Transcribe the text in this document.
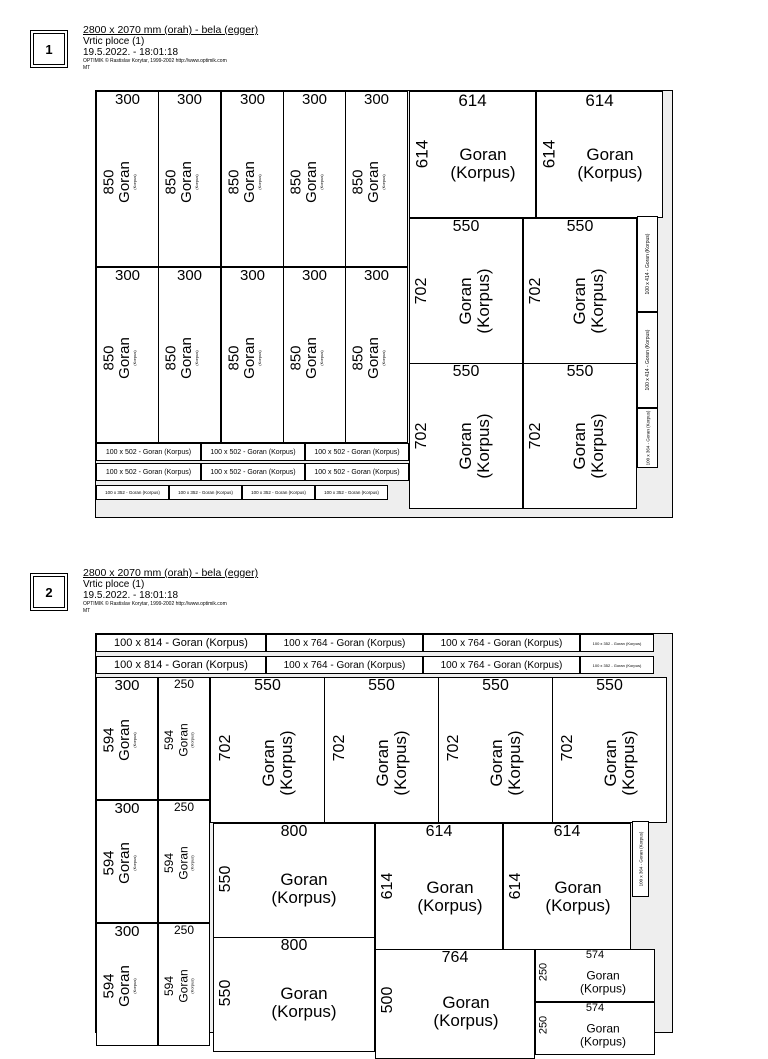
1
2800 x 2070 mm (orah) - bela (egger)
Vrtic ploce (1)
19.5.2022. - 18:01:18
OPTIMIK © Rastislav Korytar, 1999-2002 http://www.optimik.com
MT
300
850
Goran
(Korpus)
300
850
Goran
(Korpus)
300
850
Goran
(Korpus)
300
850
Goran
(Korpus)
300
850
Goran
(Korpus)
300
850
Goran
(Korpus)
300
850
Goran
(Korpus)
300
850
Goran
(Korpus)
300
850
Goran
(Korpus)
300
850
Goran
(Korpus)
614
614	Goran
(Korpus)
614
614	Goran
(Korpus)
550
702 Goran
(Korpus)
550
702 Goran
(Korpus)
550
702 Goran
(Korpus)
550
702 Goran
(Korpus)
100 x 502 - Goran (Korpus)	100 x 502 - Goran (Korpus)	100 x 502 - Goran (Korpus)
100 x 502 - Goran (Korpus)	100 x 502 - Goran (Korpus)	100 x 502 - Goran (Korpus)
100 x 352 - Goran (Korpus)	100 x 352 - Goran (Korpus)	100 x 352 - Goran (Korpus)	100 x 352 - Goran (Korpus)
100 x 414 - Goran (Korpus)
100 x 414 - Goran (Korpus)
100 x 364 - Goran (Korpus)
2
2800 x 2070 mm (orah) - bela (egger)
Vrtic ploce (1)
19.5.2022. - 18:01:18
OPTIMIK © Rastislav Korytar, 1999-2002 http://www.optimik.com
MT
100 x 814 - Goran (Korpus)	100 x 764 - Goran (Korpus)	100 x 764 - Goran (Korpus)	100 x 352 - Goran (Korpus)
100 x 814 - Goran (Korpus)	100 x 764 - Goran (Korpus)	100 x 764 - Goran (Korpus)	100 x 352 - Goran (Korpus)
300
594
Goran
(Korpus)
250
594 Goran
(Korpus)
300
594
Goran
(Korpus)
250
594 Goran
(Korpus)
300
594
Goran
(Korpus)
250
594 Goran
(Korpus)
550
702 Goran
(Korpus)
550
702 Goran
(Korpus)
550
702 Goran
(Korpus)
550
702 Goran
(Korpus)
800
550	Goran
(Korpus)
800
550	Goran
(Korpus)
614
614	Goran
(Korpus)
614
614	Goran
(Korpus)
764
500	Goran
(Korpus)
574
250	Goran
(Korpus)
574
250	Goran
(Korpus)
100 x 364 - Goran (Korpus)
